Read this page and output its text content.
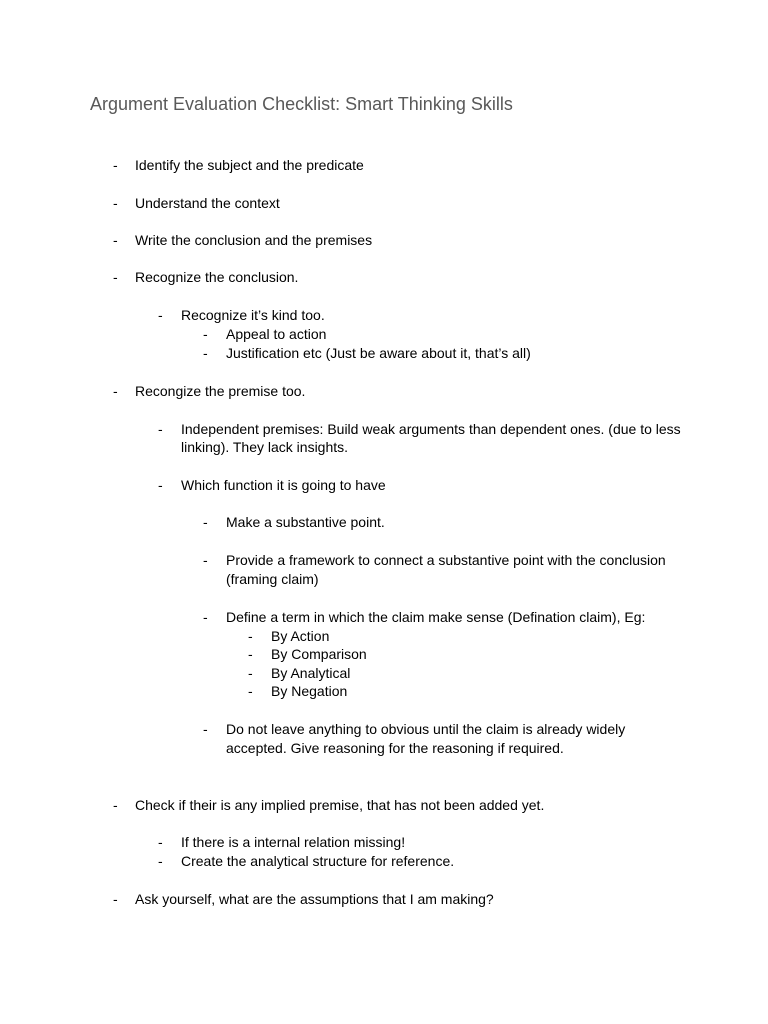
Argument Evaluation Checklist: Smart Thinking Skills
- Identify the subject and the predicate
- Understand the context
- Write the conclusion and the premises
- Recognize the conclusion.
- Recognize it’s kind too.
- Appeal to action
- Justification etc (Just be aware about it, that’s all)
- Recongize the premise too.
- Independent premises: Build weak arguments than dependent ones. (due to less
linking). They lack insights.
- Which function it is going to have
- Make a substantive point.
- Provide a framework to connect a substantive point with the conclusion
(framing claim)
- Define a term in which the claim make sense (Defination claim), Eg:
- By Action
- By Comparison
- By Analytical
- By Negation
- Do not leave anything to obvious until the claim is already widely
accepted. Give reasoning for the reasoning if required.
- Check if their is any implied premise, that has not been added yet.
- If there is a internal relation missing!
- Create the analytical structure for reference.
- Ask yourself, what are the assumptions that I am making?
